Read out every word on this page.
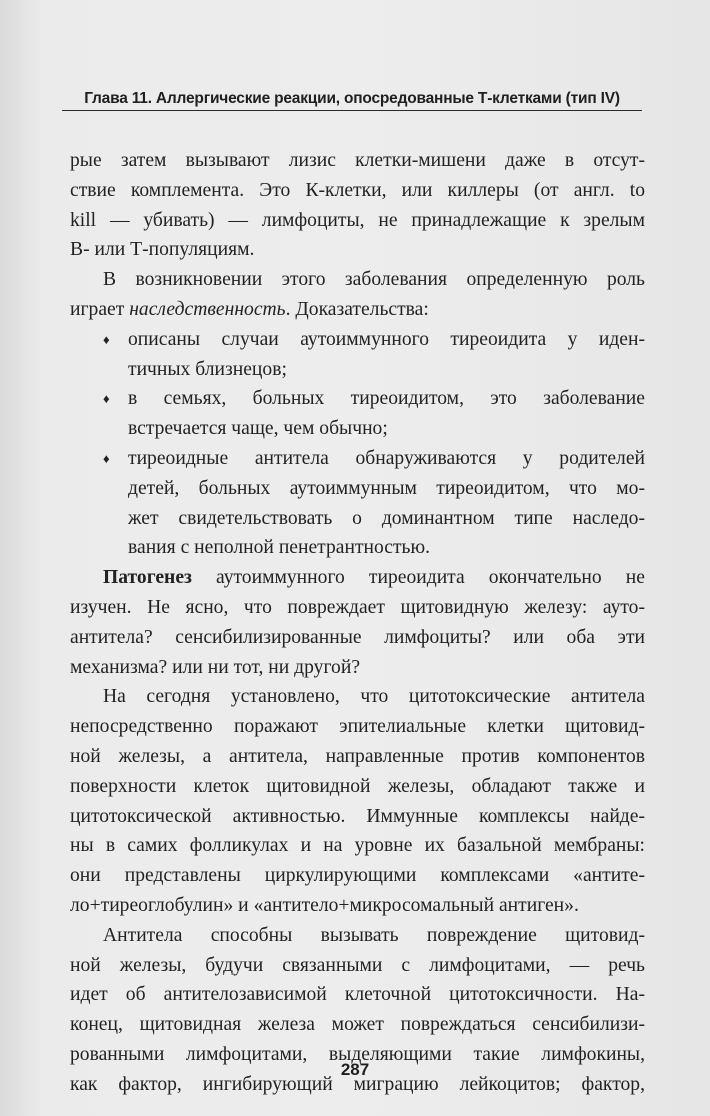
Глава 11. Аллергические реакции, опосредованные Т-клетками (тип IV)

рые затем вызывают лизис клетки-мишени даже в отсут-
ствие комплемента. Это К-клетки, или киллеры (от англ. to
kill — убивать) — лимфоциты, не принадлежащие к зрелым
В- или Т-популяциям.

В возникновении этого заболевания определенную роль
играет наследственность. Доказательства:

♦ описаны случаи аутоиммунного тиреоидита у иден-
тичных близнецов;
♦ в семьях, больных тиреоидитом, это заболевание
встречается чаще, чем обычно;
♦ тиреоидные антитела обнаруживаются у родителей
детей, больных аутоиммунным тиреоидитом, что мо-
жет свидетельствовать о доминантном типе наследо-
вания с неполной пенетрантностью.

Патогенез аутоиммунного тиреоидита окончательно не
изучен. Не ясно, что повреждает щитовидную железу: ауто-
антитела? сенсибилизированные лимфоциты? или оба эти
механизма? или ни тот, ни другой?

На сегодня установлено, что цитотоксические антитела
непосредственно поражают эпителиальные клетки щитовид-
ной железы, а антитела, направленные против компонентов
поверхности клеток щитовидной железы, обладают также и
цитотоксической активностью. Иммунные комплексы найде-
ны в самих фолликулах и на уровне их базальной мембраны:
они представлены циркулирующими комплексами «антите-
ло+тиреоглобулин» и «антитело+микросомальный антиген».

Антитела способны вызывать повреждение щитовид-
ной железы, будучи связанными с лимфоцитами, — речь
идет об антителозависимой клеточной цитотоксичности. На-
конец, щитовидная железа может повреждаться сенсибилизи-
рованными лимфоцитами, выделяющими такие лимфокины,
как фактор, ингибирующий миграцию лейкоцитов; фактор,

287
